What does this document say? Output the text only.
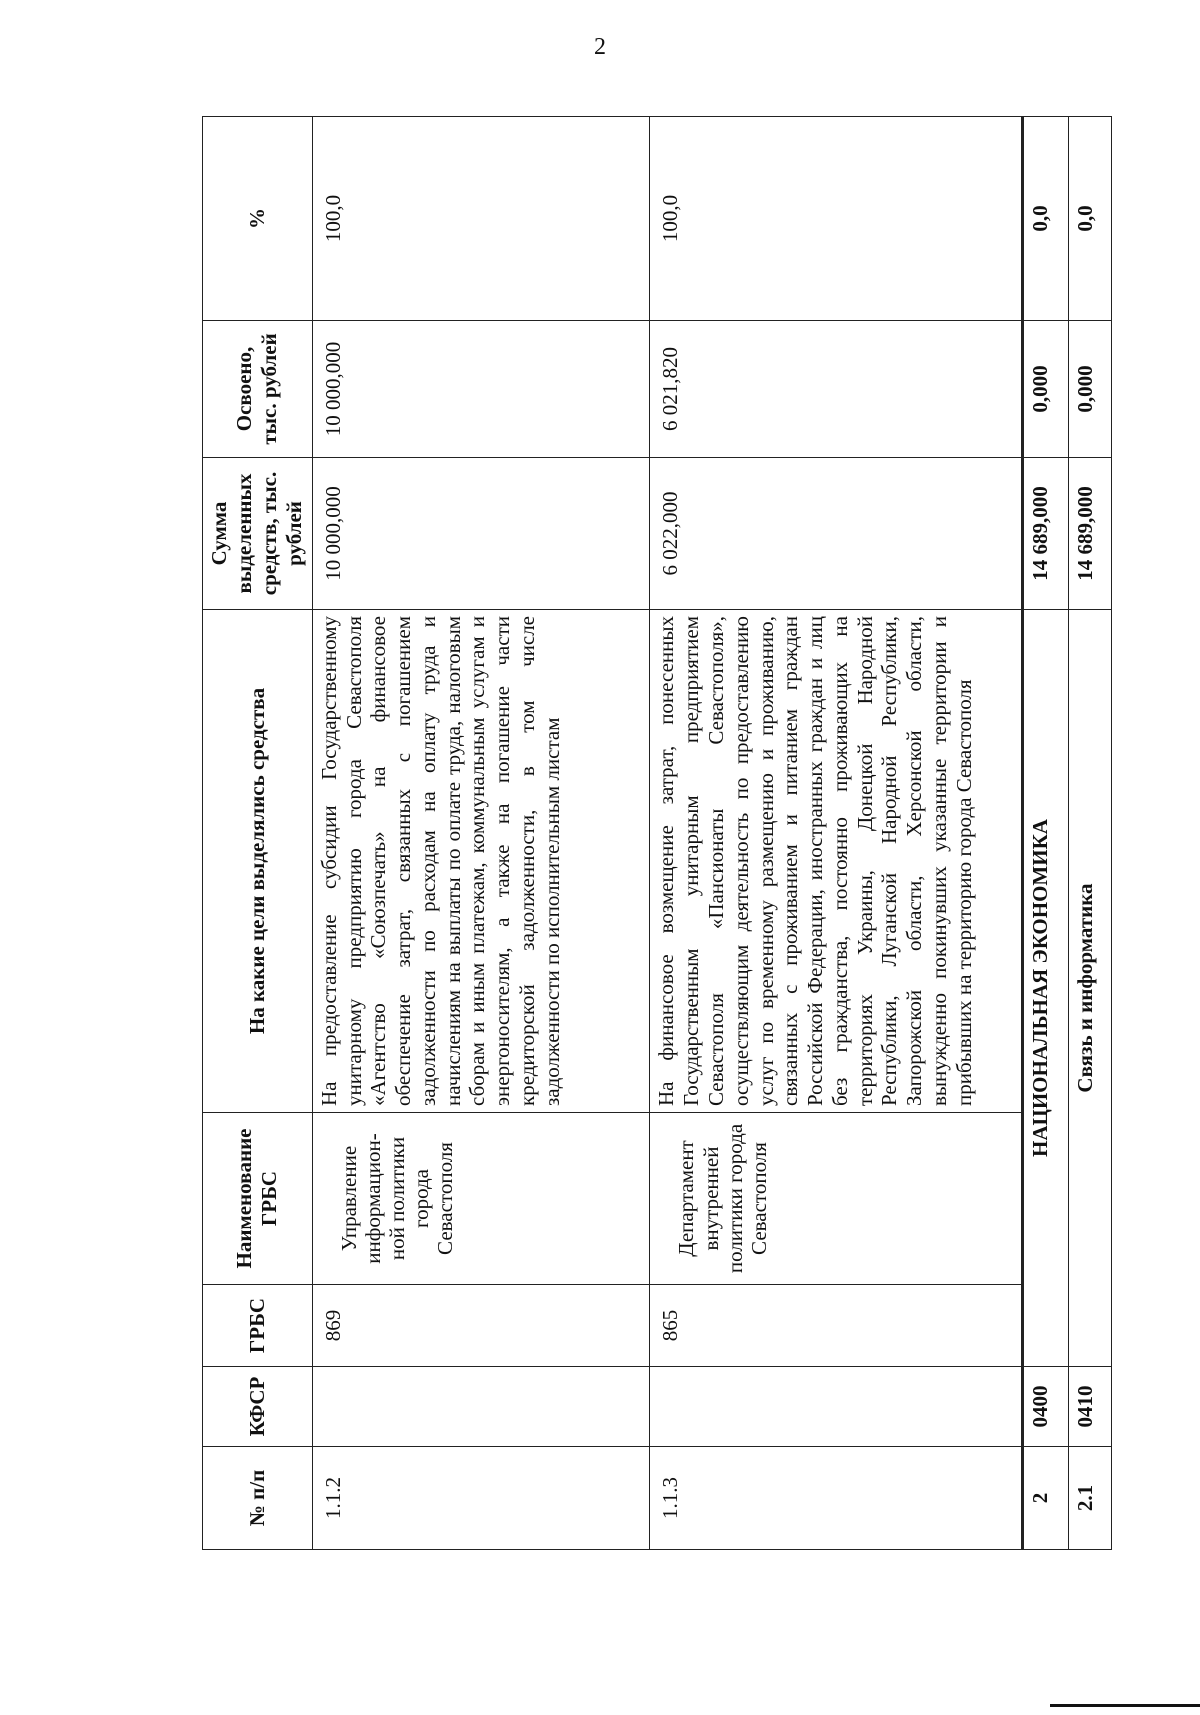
2
№ п/п	КФСР	ГРБС	Наименование ГРБС	На какие цели выделялись средства	Сумма выделенных средств, тыс. рублей	Освоено, тыс. рублей	%
1.1.2		869	Управление информацион-ной политики города Севастополя	На предоставление субсидии Государственному унитарному предприятию города Севастополя «Агентство «Союзпечать» на финансовое обеспечение затрат, связанных с погашением задолженности по расходам на оплату труда и начислениям на выплаты по оплате труда, налоговым сборам и иным платежам, коммунальным услугам и энергоносителям, а также на погашение части кредиторской задолженности, в том числе задолженности по исполнительным листам	10 000,000	10 000,000	100,0
1.1.3		865	Департамент внутренней политики города Севастополя	На финансовое возмещение затрат, понесенных Государственным унитарным предприятием Севастополя «Пансионаты Севастополя», осуществляющим деятельность по предоставлению услуг по временному размещению и проживанию, связанных с проживанием и питанием граждан Российской Федерации, иностранных граждан и лиц без гражданства, постоянно проживающих на территориях Украины, Донецкой Народной Республики, Луганской Народной Республики, Запорожской области, Херсонской области, вынужденно покинувших указанные территории и прибывших на территорию города Севастополя	6 022,000	6 021,820	100,0
2	0400	НАЦИОНАЛЬНАЯ ЭКОНОМИКА			14 689,000	0,000	0,0
2.1	0410	Связь и информатика			14 689,000	0,000	0,0
